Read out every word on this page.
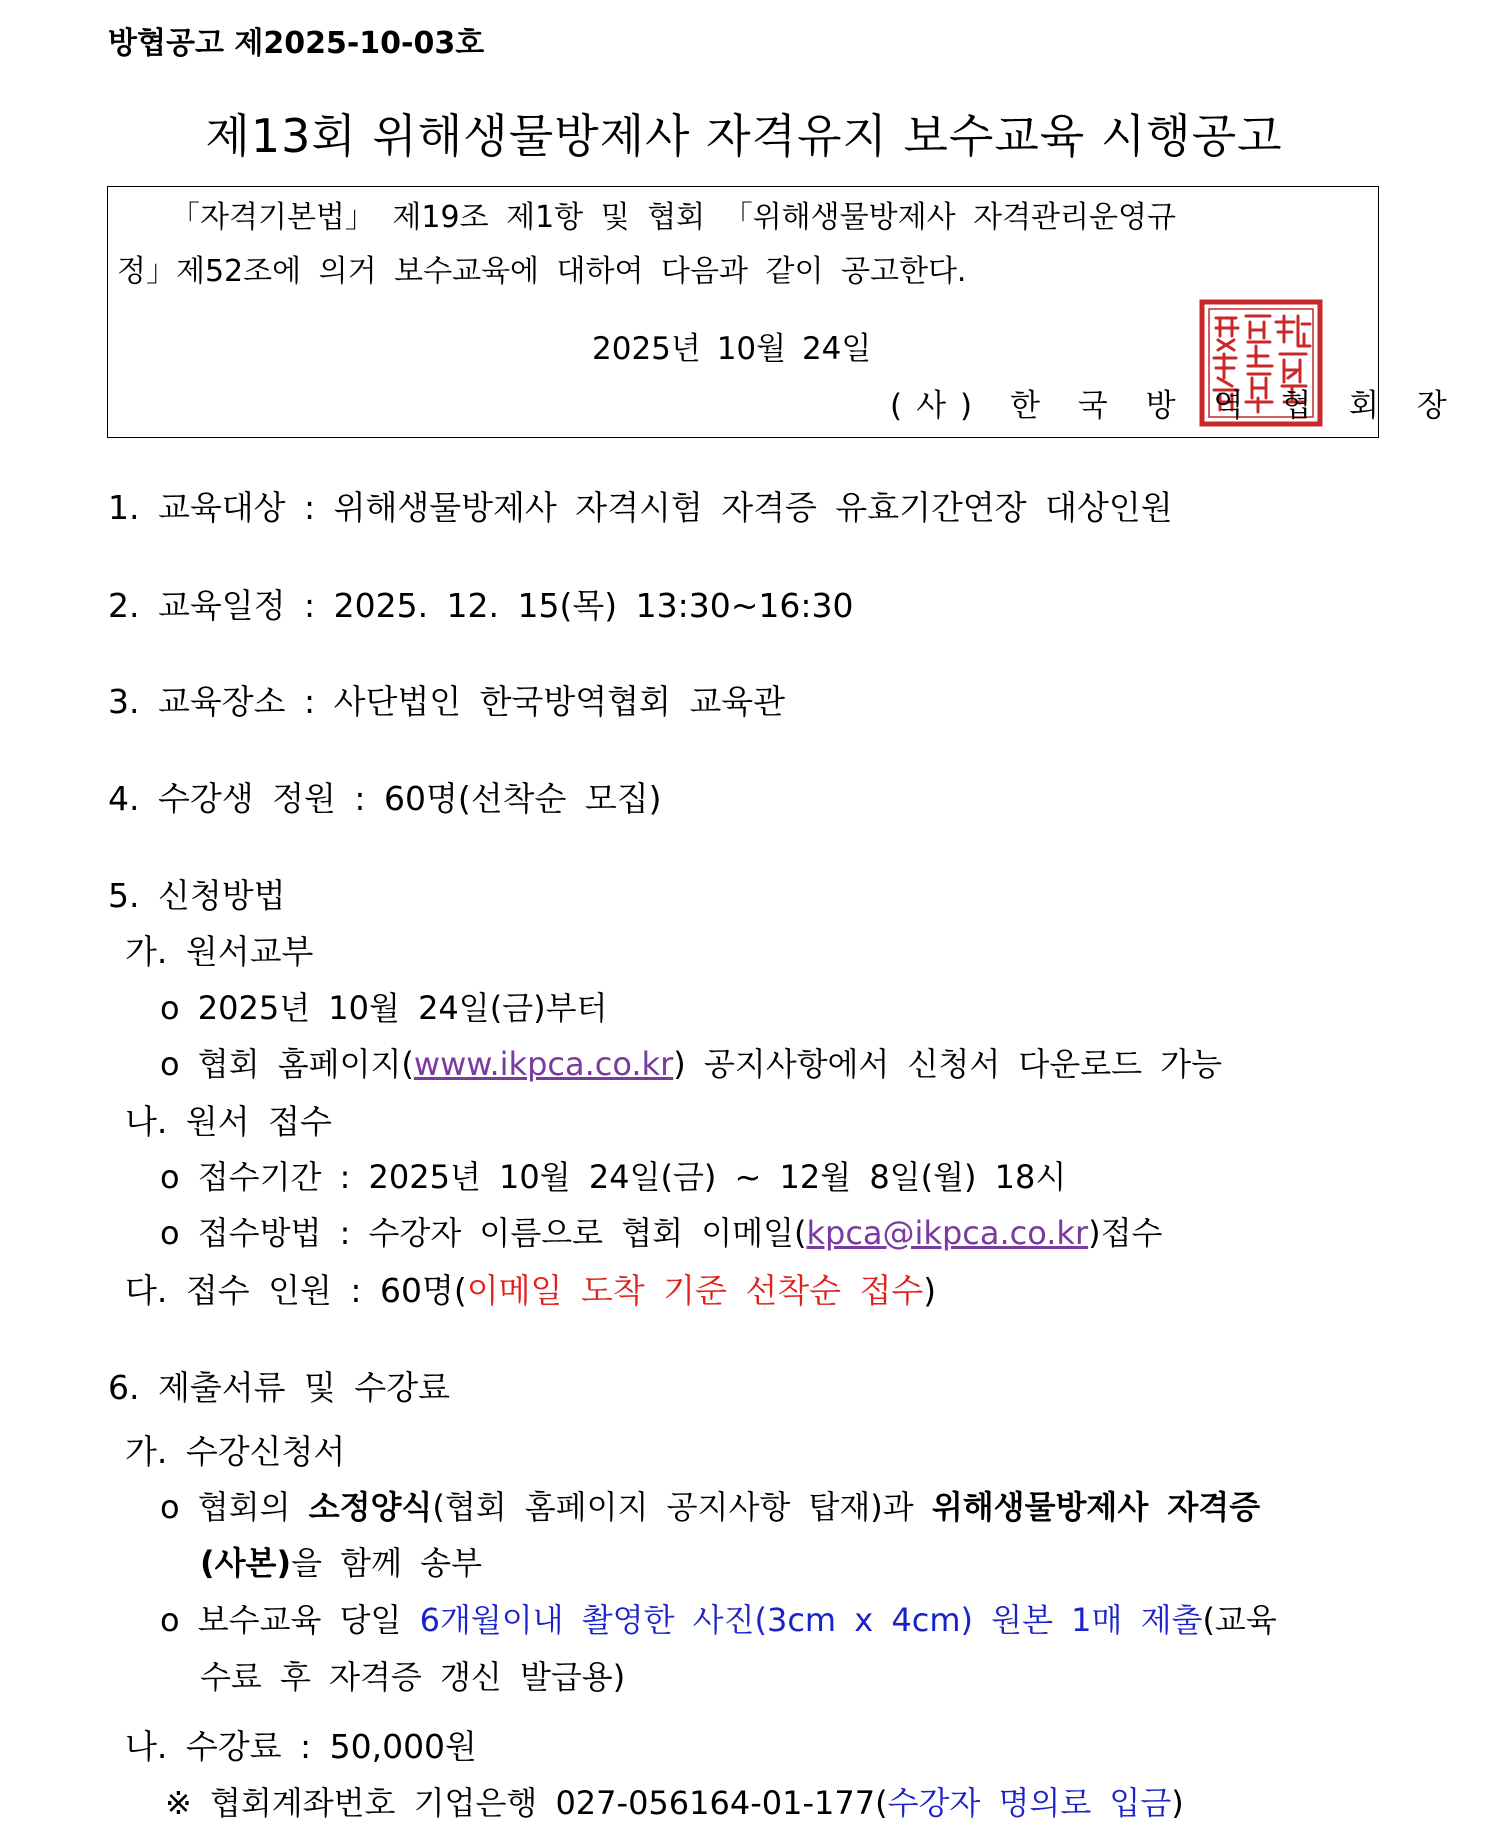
방협공고 제2025-10-03호
제13회 위해생물방제사 자격유지 보수교육 시행공고
「자격기본법」 제19조 제1항 및 협회 「위해생물방제사 자격관리운영규
정」제52조에 의거 보수교육에 대하여 다음과 같이 공고한다.
2025년 10월 24일
(사) 한 국 방 역 협 회 장
1. 교육대상 : 위해생물방제사 자격시험 자격증 유효기간연장 대상인원
2. 교육일정 : 2025. 12. 15(목) 13:30~16:30
3. 교육장소 : 사단법인 한국방역협회 교육관
4. 수강생 정원 : 60명(선착순 모집)
5. 신청방법
가. 원서교부
o 2025년 10월 24일(금)부터
o 협회 홈페이지(www.ikpca.co.kr) 공지사항에서 신청서 다운로드 가능
나. 원서 접수
o 접수기간 : 2025년 10월 24일(금) ~ 12월 8일(월) 18시
o 접수방법 : 수강자 이름으로 협회 이메일(kpca@ikpca.co.kr)접수
다. 접수 인원 : 60명(이메일 도착 기준 선착순 접수)
6. 제출서류 및 수강료
가. 수강신청서
o 협회의 소정양식(협회 홈페이지 공지사항 탑재)과 위해생물방제사 자격증
(사본)을 함께 송부
o 보수교육 당일 6개월이내 촬영한 사진(3cm x 4cm) 원본 1매 제출(교육
수료 후 자격증 갱신 발급용)
나. 수강료 : 50,000원
※ 협회계좌번호 기업은행 027-056164-01-177(수강자 명의로 입금)
